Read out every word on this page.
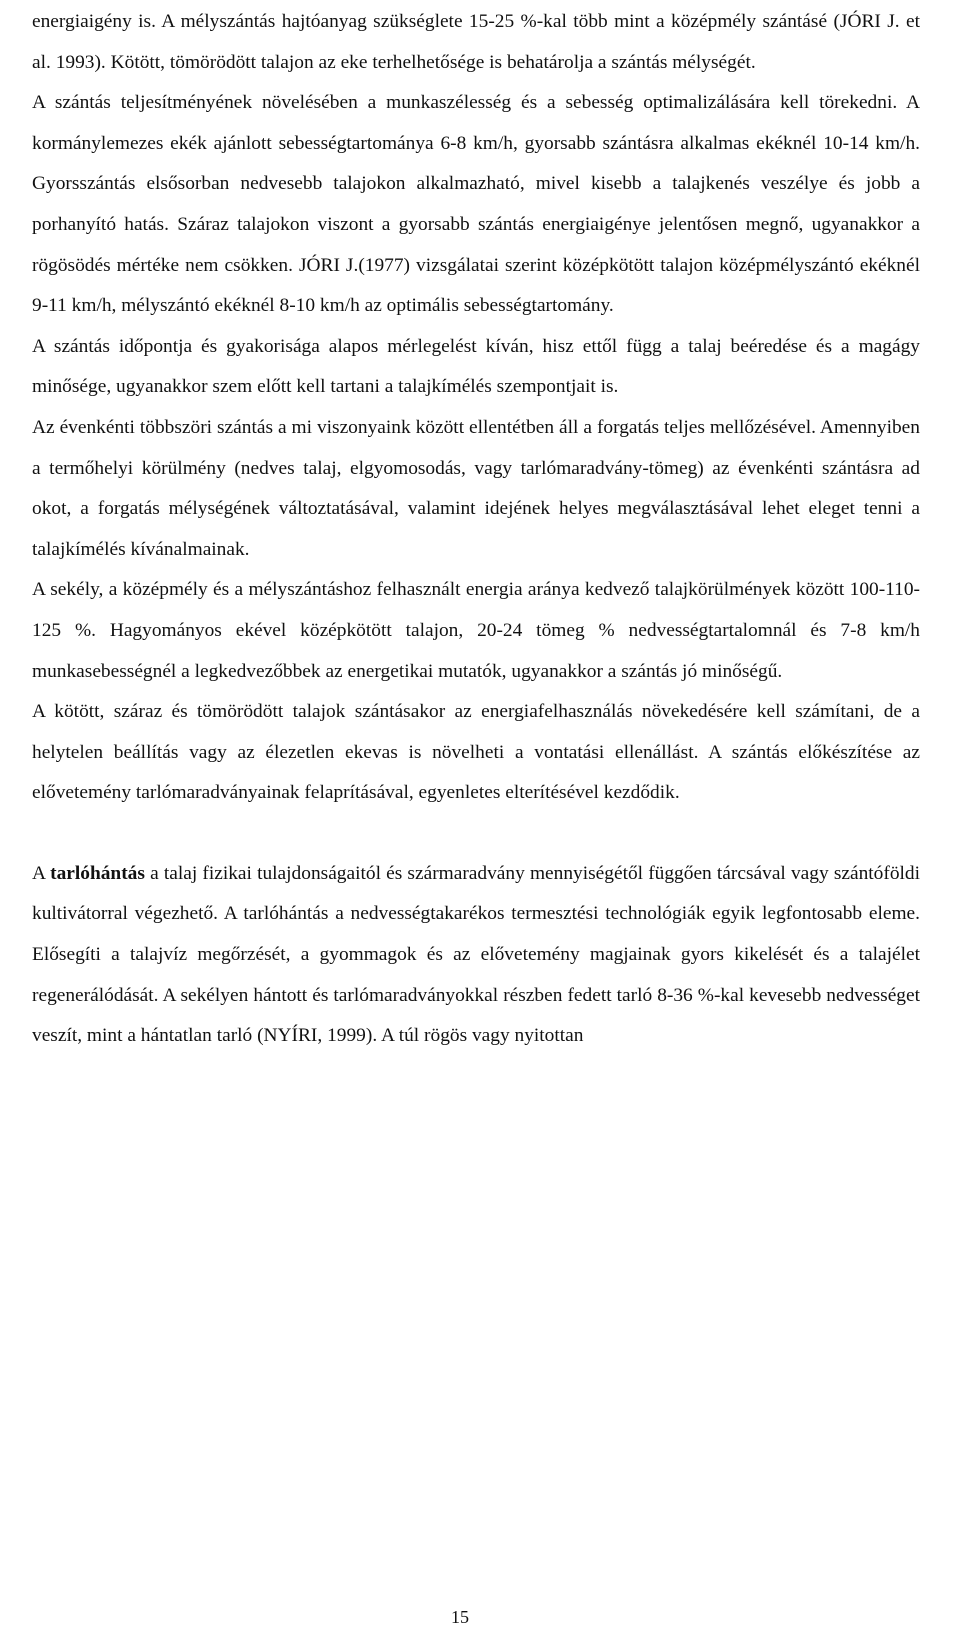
energiaigény is. A mélyszántás hajtóanyag szükséglete 15-25 %-kal több mint a középmély szántásé (JÓRI J. et al. 1993). Kötött, tömörödött talajon az eke terhelhetősége is behatárolja a szántás mélységét.

A szántás teljesítményének növelésében a munkaszélesség és a sebesség optimalizálására kell törekedni. A kormánylemezes ekék ajánlott sebességtartománya 6-8 km/h, gyorsabb szántásra alkalmas ekéknél 10-14 km/h. Gyorsszántás elsősorban nedvesebb talajokon alkalmazható, mivel kisebb a talajkenés veszélye és jobb a porhanyító hatás. Száraz talajokon viszont a gyorsabb szántás energiaigénye jelentősen megnő, ugyanakkor a rögösödés mértéke nem csökken. JÓRI J.(1977) vizsgálatai szerint középkötött talajon középmélyszántó ekéknél 9-11 km/h, mélyszántó ekéknél 8-10 km/h az optimális sebességtartomány.

A szántás időpontja és gyakorisága alapos mérlegelést kíván, hisz ettől függ a talaj beéredése és a magágy minősége, ugyanakkor szem előtt kell tartani a talajkímélés szempontjait is.

Az évenkénti többszöri szántás a mi viszonyaink között ellentétben áll a forgatás teljes mellőzésével. Amennyiben a termőhelyi körülmény (nedves talaj, elgyomosodás, vagy tarlómaradvány-tömeg) az évenkénti szántásra ad okot, a forgatás mélységének változtatásával, valamint idejének helyes megválasztásával lehet eleget tenni a talajkímélés kívánalmainak.

A sekély, a középmély és a mélyszántáshoz felhasznált energia aránya kedvező talajkörülmények között 100-110-125 %. Hagyományos ekével középkötött talajon, 20-24 tömeg % nedvességtartalomnál és 7-8 km/h munkasebességnél a legkedvezőbbek az energetikai mutatók, ugyanakkor a szántás jó minőségű.

A kötött, száraz és tömörödött talajok szántásakor az energiafelhasználás növekedésére kell számítani, de a helytelen beállítás vagy az élezetlen ekevas is növelheti a vontatási ellenállást. A szántás előkészítése az elővetemény tarlómaradványainak felaprításával, egyenletes elterítésével kezdődik.

A tarlóhántás a talaj fizikai tulajdonságaitól és szármaradvány mennyiségétől függően tárcsával vagy szántóföldi kultivátorral végezhető. A tarlóhántás a nedvességtakarékos termesztési technológiák egyik legfontosabb eleme. Elősegíti a talajvíz megőrzését, a gyommagok és az elővetemény magjainak gyors kikelését és a talajélet regenerálódását. A sekélyen hántott és tarlómaradványokkal részben fedett tarló 8-36 %-kal kevesebb nedvességet veszít, mint a hántatlan tarló (NYÍRI, 1999). A túl rögös vagy nyitottan

15
